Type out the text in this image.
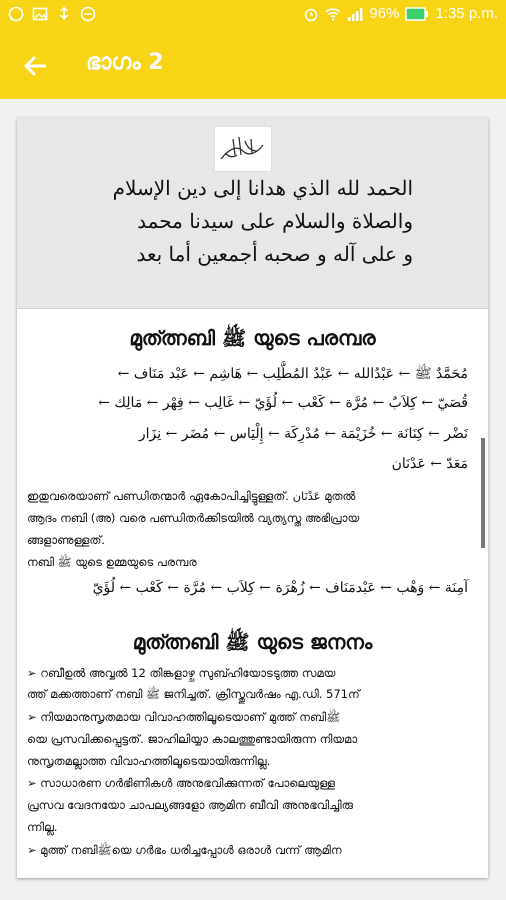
96% 1:35 p.m.
ഭാഗം 2
الحمد لله الذي هدانا إلى دين الإسلام
والصلاة والسلام على سيدنا محمد
و على آله و صحبه أجمعين أما بعد
മുത്ത്നബി ﷺ യുടെ പരമ്പര
مُحَمَّدٌ ﷺ ← عَبْدُالله ← عَبْدُ المُطَّلِب ← هَاشِم ← عَبْد مَنَاف ←
قُصَيّ ← كِلاَبٌ ← مُرَّة ← كَعْب ← لُؤَيّ ← غَالِب ← فِهْر ← مَالِك ←
نَضْر ← كِنَانَة ← خُزَيْمَة ← مُدْرِكَة ← إِلْيَاس ← مُضَر ← نِزَار
مَعَدّ ← عَدْنَان
ഇതുവരെയാണ് പണ്ഡിതന്മാർ ഏകോപിച്ചിട്ടുള്ളത്. عَدْنَان മുതൽ
ആദം നബി (അ) വരെ പണ്ഡിതർക്കിടയിൽ വ്യത്യസ്ത അഭിപ്രായ
ങ്ങളാണുള്ളത്.
നബി ﷺ യുടെ ഉമ്മയുടെ പരമ്പര
آمِنَة ← وَهْب ← عَبْدمَنَاف ← زُهْرَة ← كِلاَب ← مُرَّة ← كَعْب ← لُؤَيّ
മുത്ത്നബി ﷺ യുടെ ജനനം
➢ റബീഉൽ അവ്വൽ 12 തിങ്കളാഴ്ച സുബ്ഹിയോടടുത്ത സമയ
ത്ത് മക്കത്താണ് നബി ﷺ ജനിച്ചത്. ക്രിസ്തുവർഷം എ.ഡി. 571ന്
➢ നിയമാനുസൃതമായ വിവാഹത്തിലൂടെയാണ് മുത്ത് നബിﷺ
യെ പ്രസവിക്കപ്പെട്ടത്. ജാഹിലിയ്യാ കാലത്തുണ്ടായിരുന്ന നിയമാ
നുസൃതമല്ലാത്ത വിവാഹത്തിലൂടെയായിരുന്നില്ല.
➢ സാധാരണ ഗർഭിണികൾ അനുഭവിക്കുന്നത് പോലെയുള്ള
പ്രസവ വേദനയോ ചാപല്യങ്ങളോ ആമിന ബീവി അനുഭവിച്ചിരു
ന്നില്ല.
➢ മുത്ത് നബിﷺയെ ഗർഭം ധരിച്ചപ്പോൾ ഒരാൾ വന്ന് ആമിന
